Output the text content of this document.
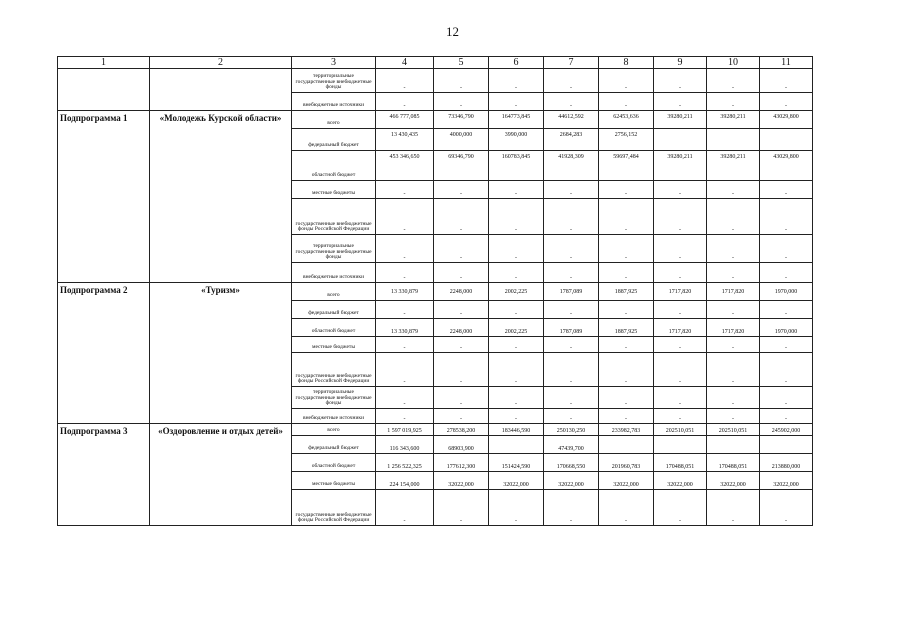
12
1	2	3	4	5	6	7	8	9	10	11
		территориальные государственные внебюджетные фонды	-	-	-	-	-	-	-	-
		внебюджетные источники	-	-	-	-	-	-	-	-
Подпрограмма 1	«Молодежь Курской области»	всего	466 777,085	73346,790	164773,845	44612,592	62453,636	39280,211	39280,211	43029,800
		федеральный бюджет	13 430,435	4000,000	3990,000	2684,283	2756,152			
		областной бюджет	453 346,650	69346,790	160783,845	41928,309	59697,484	39280,211	39280,211	43029,800
		местные бюджеты	-	-	-	-	-	-	-	-
		государственные внебюджетные фонды Российской Федерации	-	-	-	-	-	-	-	-
		территориальные государственные внебюджетные фонды	-	-	-	-	-	-	-	-
		внебюджетные источники	-	-	-	-	-	-	-	-
Подпрограмма 2	«Туризм»	всего	13 330,879	2248,000	2002,225	1787,089	1887,925	1717,820	1717,820	1970,000
		федеральный бюджет	-	-	-	-	-	-	-	-
		областной бюджет	13 330,879	2248,000	2002,225	1787,089	1887,925	1717,820	1717,820	1970,000
		местные бюджеты	-	-	-	-	-	-	-	-
		государственные внебюджетные фонды Российской Федерации	-	-	-	-	-	-	-	-
		территориальные государственные внебюджетные фонды	-	-	-	-	-	-	-	-
		внебюджетные источники	-	-	-	-	-	-	-	-
Подпрограмма 3	«Оздоровление и отдых детей»	всего	1 597 019,925	278538,200	183446,590	250130,250	233982,783	202510,051	202510,051	245902,000
		федеральный бюджет	116 343,600	68903,900		47439,700				
		областной бюджет	1 256 522,325	177612,300	151424,590	170668,550	201960,783	170488,051	170488,051	213880,000
		местные бюджеты	224 154,000	32022,000	32022,000	32022,000	32022,000	32022,000	32022,000	32022,000
		государственные внебюджетные фонды Российской Федерации	-	-	-	-	-	-	-	-
